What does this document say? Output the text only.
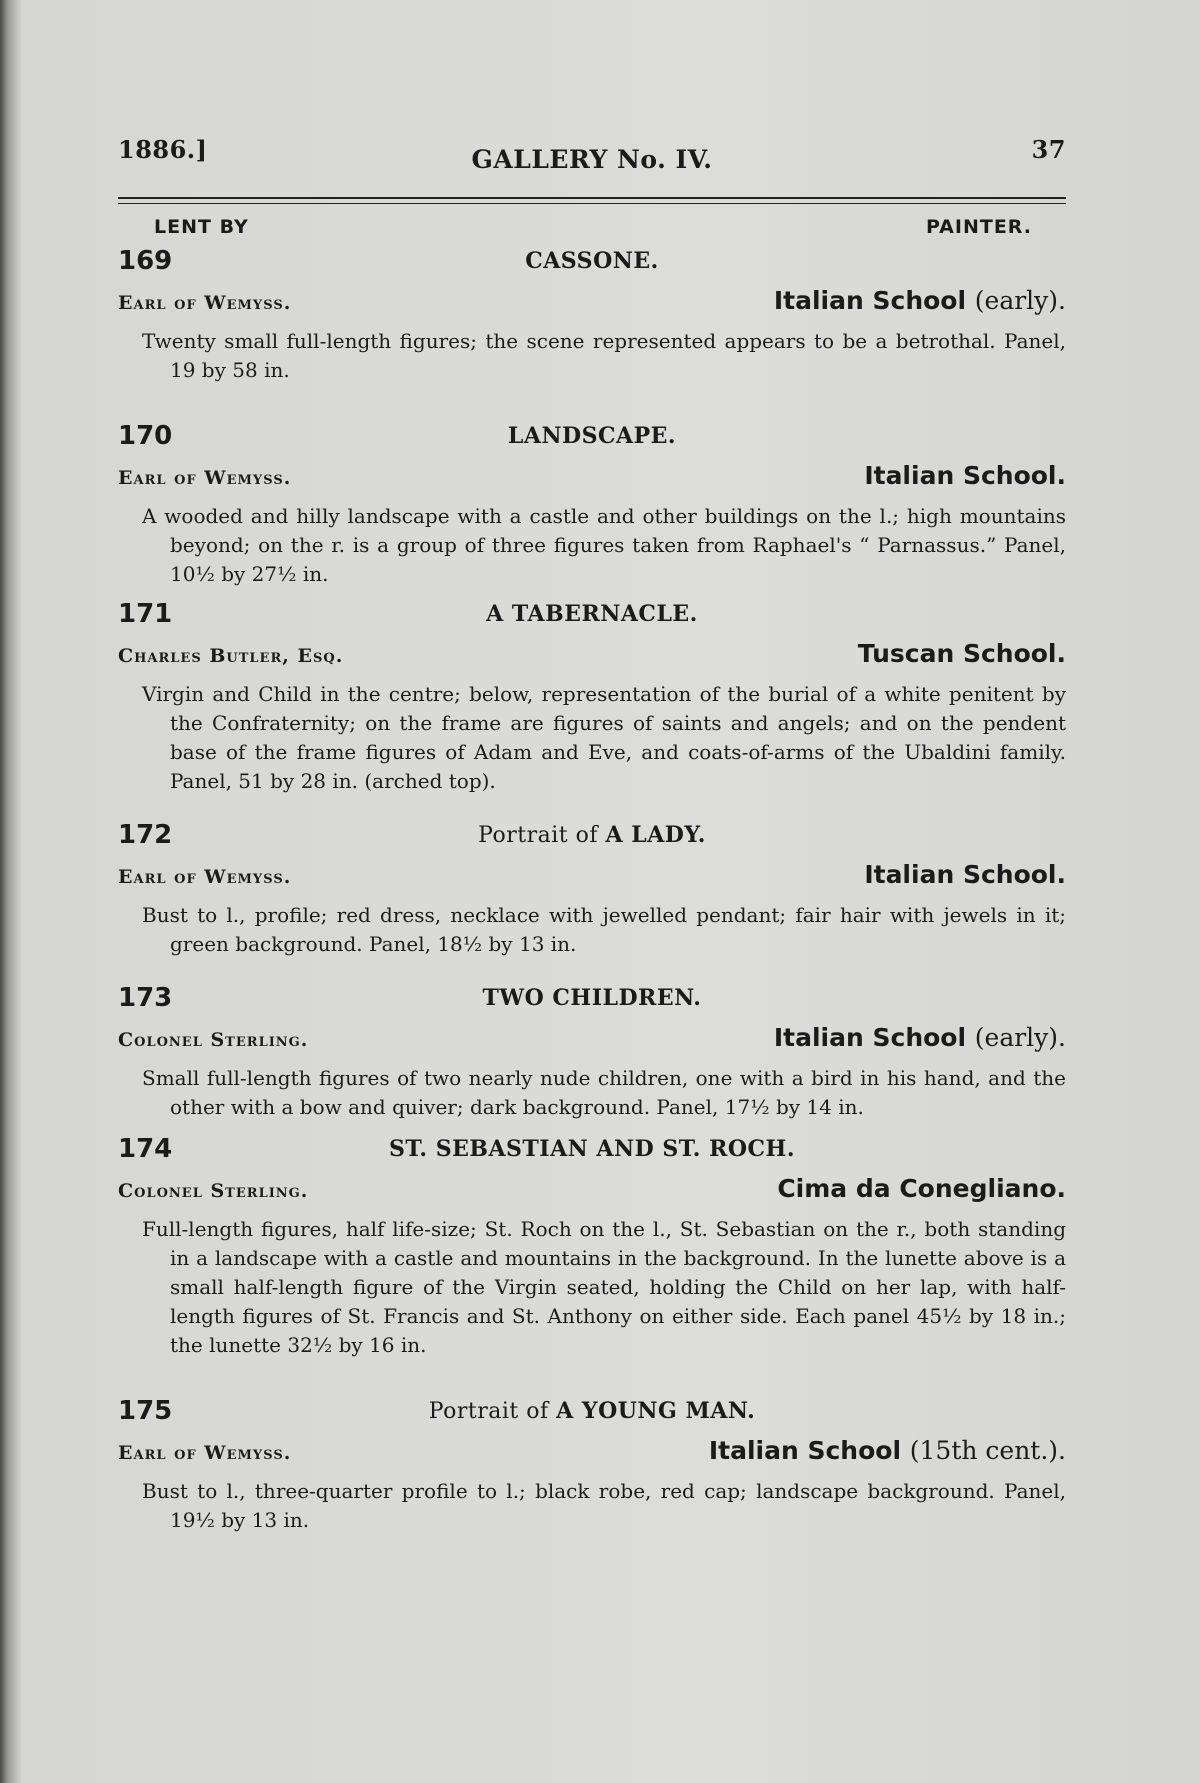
1886.]	GALLERY No. IV.	37
LENT BY	PAINTER.
169	CASSONE.
Earl of Wemyss.	Italian School (early).
Twenty small full-length figures; the scene represented appears to be a betrothal. Panel, 19 by 58 in.
170	LANDSCAPE.
Earl of Wemyss.	Italian School.
A wooded and hilly landscape with a castle and other buildings on the l.; high mountains beyond; on the r. is a group of three figures taken from Raphael's “ Parnassus.” Panel, 10½ by 27½ in.
171	A TABERNACLE.
Charles Butler, Esq.	Tuscan School.
Virgin and Child in the centre; below, representation of the burial of a white penitent by the Confraternity; on the frame are figures of saints and angels; and on the pendent base of the frame figures of Adam and Eve, and coats-of-arms of the Ubaldini family. Panel, 51 by 28 in. (arched top).
172	Portrait of A LADY.
Earl of Wemyss.	Italian School.
Bust to l., profile; red dress, necklace with jewelled pendant; fair hair with jewels in it; green background. Panel, 18½ by 13 in.
173	TWO CHILDREN.
Colonel Sterling.	Italian School (early).
Small full-length figures of two nearly nude children, one with a bird in his hand, and the other with a bow and quiver; dark background. Panel, 17½ by 14 in.
174	ST. SEBASTIAN AND ST. ROCH.
Colonel Sterling.	Cima da Conegliano.
Full-length figures, half life-size; St. Roch on the l., St. Sebastian on the r., both standing in a landscape with a castle and mountains in the background. In the lunette above is a small half-length figure of the Virgin seated, holding the Child on her lap, with half-length figures of St. Francis and St. Anthony on either side. Each panel 45½ by 18 in.; the lunette 32½ by 16 in.
175	Portrait of A YOUNG MAN.
Earl of Wemyss.	Italian School (15th cent.).
Bust to l., three-quarter profile to l.; black robe, red cap; landscape background. Panel, 19½ by 13 in.
